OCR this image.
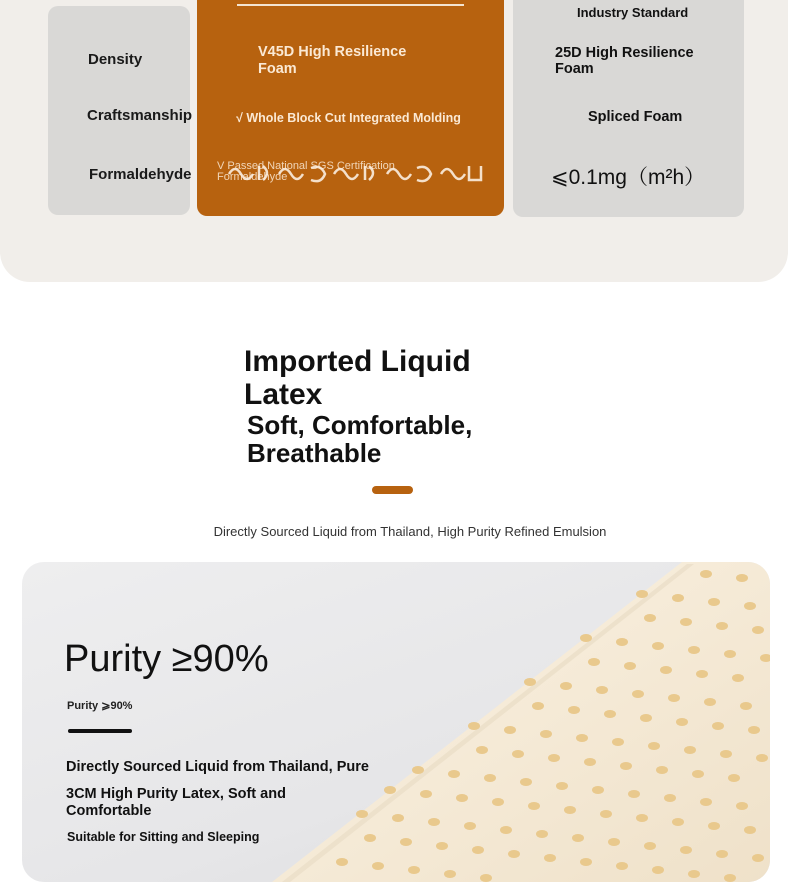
Density
Craftsmanship
Formaldehyde
V45D High Resilience Foam
√ Whole Block Cut Integrated Molding
V Passed National SGS Certification Formaldehyde
Industry Standard
25D High Resilience Foam
Spliced Foam
⩽0.1mg（m²h）
Imported Liquid Latex
Soft, Comfortable, Breathable
Directly Sourced Liquid from Thailand, High Purity Refined Emulsion
Purity ≥90%
Purity ⩾90%
Directly Sourced Liquid from Thailand, Pure
3CM High Purity Latex, Soft and Comfortable
Suitable for Sitting and Sleeping
